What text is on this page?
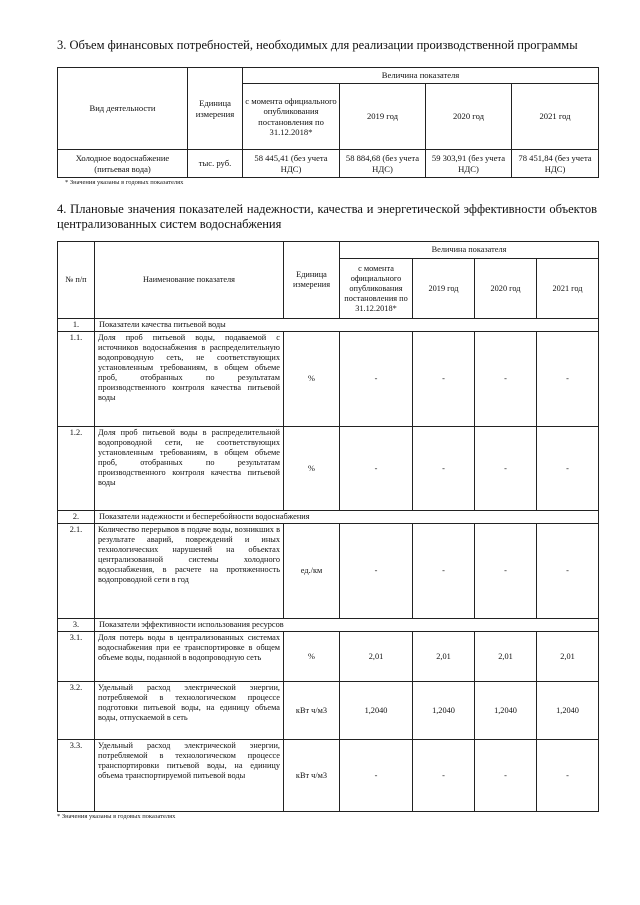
3. Объем финансовых потребностей, необходимых для реализации производственной программы
Вид деятельности	Единица измерения	Величина показателя			
		с момента официального опубликования постановления по 31.12.2018*	2019 год	2020 год	2021 год
Холодное водоснабжение (питьевая вода)	тыс. руб.	58 445,41 (без учета НДС)	58 884,68 (без учета НДС)	59 303,91 (без учета НДС)	78 451,84 (без учета НДС)
* Значения указаны в годовых показателях
4. Плановые значения показателей надежности, качества и энергетической эффективности объектов централизованных систем водоснабжения
№ п/п	Наименование показателя	Единица измерения	Величина показателя			
			с момента официального опубликования постановления по 31.12.2018*	2019 год	2020 год	2021 год
1.	Показатели качества питьевой воды					
1.1.	Доля проб питьевой воды, подаваемой с источников водоснабжения в распределительную водопроводную сеть, не соответствующих установленным требованиям, в общем объеме проб, отобранных по результатам производственного контроля качества питьевой воды	%	-	-	-	-
1.2.	Доля проб питьевой воды в распределительной водопроводной сети, не соответствующих установленным требованиям, в общем объеме проб, отобранных по результатам производственного контроля качества питьевой воды	%	-	-	-	-
2.	Показатели надежности и бесперебойности водоснабжения					
2.1.	Количество перерывов в подаче воды, возникших в результате аварий, повреждений и иных технологических нарушений на объектах централизованной системы холодного водоснабжения, в расчете на протяженность водопроводной сети в год	ед./км	-	-	-	-
3.	Показатели эффективности использования ресурсов					
3.1.	Доля потерь воды в централизованных системах водоснабжения при ее транспортировке в общем объеме воды, поданной в водопроводную сеть	%	2,01	2,01	2,01	2,01
3.2.	Удельный расход электрической энергии, потребляемой в технологическом процессе подготовки питьевой воды, на единицу объема воды, отпускаемой в сеть	кВт ч/м3	1,2040	1,2040	1,2040	1,2040
3.3.	Удельный расход электрической энергии, потребляемой в технологическом процессе транспортировки питьевой воды, на единицу объема транспортируемой питьевой воды	кВт ч/м3	-	-	-	-
* Значения указаны в годовых показателях
